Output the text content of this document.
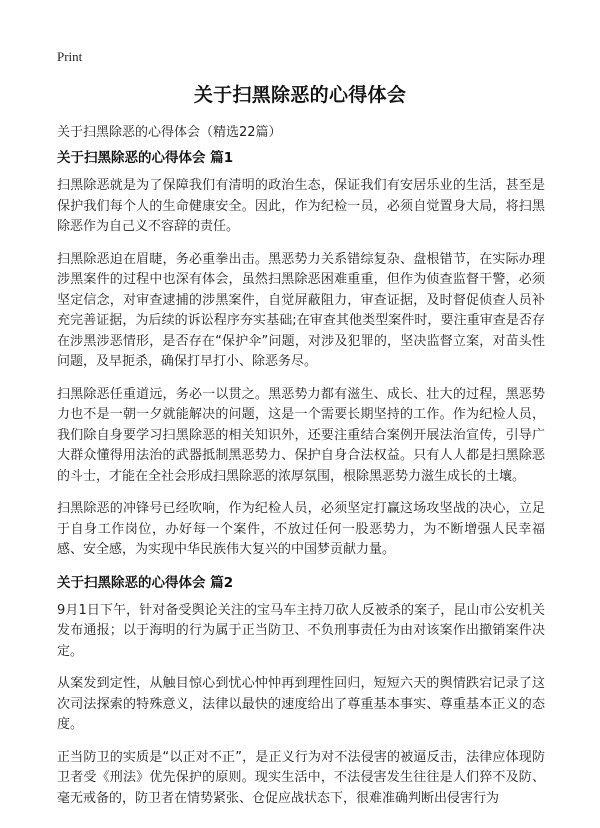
Print
关于扫黑除恶的心得体会
关于扫黑除恶的心得体会（精选22篇）
关于扫黑除恶的心得体会 篇1

扫黑除恶就是为了保障我们有清明的政治生态，保证我们有安居乐业的生活，甚至是保护我们每个人的生命健康安全。因此，作为纪检一员，必须自觉置身大局，将扫黑除恶作为自己义不容辞的责任。

扫黑除恶迫在眉睫，务必重拳出击。黑恶势力关系错综复杂、盘根错节，在实际办理涉黑案件的过程中也深有体会，虽然扫黑除恶困难重重，但作为侦查监督干警，必须坚定信念，对审查逮捕的涉黑案件，自觉屏蔽阻力，审查证据，及时督促侦查人员补充完善证据，为后续的诉讼程序夯实基础;在审查其他类型案件时，要注重审查是否存在涉黑涉恶情形，是否存在“保护伞”问题，对涉及犯罪的，坚决监督立案，对苗头性问题，及早扼杀，确保打早打小、除恶务尽。

扫黑除恶任重道远，务必一以贯之。黑恶势力都有滋生、成长、壮大的过程，黑恶势力也不是一朝一夕就能解决的问题，这是一个需要长期坚持的工作。作为纪检人员，我们除自身要学习扫黑除恶的相关知识外，还要注重结合案例开展法治宣传，引导广大群众懂得用法治的武器抵制黑恶势力、保护自身合法权益。只有人人都是扫黑除恶的斗士，才能在全社会形成扫黑除恶的浓厚氛围，根除黑恶势力滋生成长的土壤。

扫黑除恶的冲锋号已经吹响，作为纪检人员，必须坚定打赢这场攻坚战的决心，立足于自身工作岗位，办好每一个案件，不放过任何一股恶势力，为不断增强人民幸福感、安全感，为实现中华民族伟大复兴的中国梦贡献力量。

关于扫黑除恶的心得体会 篇2

9月1日下午，针对备受舆论关注的宝马车主持刀砍人反被杀的案子，昆山市公安机关发布通报；以于海明的行为属于正当防卫、不负刑事责任为由对该案作出撤销案件决定。

从案发到定性，从触目惊心到忧心忡忡再到理性回归，短短六天的舆情跌宕记录了这次司法探索的特殊意义，法律以最快的速度给出了尊重基本事实、尊重基本正义的态度。

正当防卫的实质是“以正对不正”，是正义行为对不法侵害的被逼反击，法律应体现防卫者受《刑法》优先保护的原则。现实生活中，不法侵害发生往往是人们猝不及防、毫无戒备的，防卫者在情势紧张、仓促应战状态下，很难准确判断出侵害行为
